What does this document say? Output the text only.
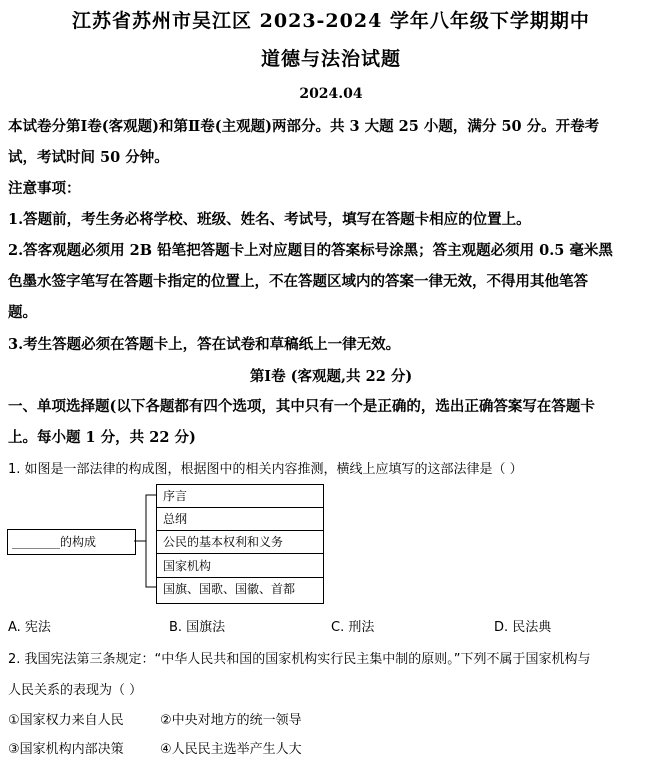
江苏省苏州市吴江区 2023-2024 学年八年级下学期期中
道德与法治试题
2024.04
本试卷分第Ⅰ卷(客观题)和第Ⅱ卷(主观题)两部分。共 3 大题 25 小题，满分 50 分。开卷考
试，考试时间 50 分钟。
注意事项：
1.答题前，考生务必将学校、班级、姓名、考试号，填写在答题卡相应的位置上。
2.答客观题必须用 2B 铅笔把答题卡上对应题目的答案标号涂黑；答主观题必须用 0.5 毫米黑
色墨水签字笔写在答题卡指定的位置上，不在答题区域内的答案一律无效，不得用其他笔答
题。
3.考生答题必须在答题卡上，答在试卷和草稿纸上一律无效。
第Ⅰ卷 (客观题,共 22 分)
一、单项选择题(以下各题都有四个选项，其中只有一个是正确的，选出正确答案写在答题卡
上。每小题 1 分，共 22 分)
1. 如图是一部法律的构成图，根据图中的相关内容推测，横线上应填写的这部法律是（ ）
________的构成
序言
总纲
公民的基本权利和义务
国家机构
国旗、国歌、国徽、首都
A. 宪法	B. 国旗法	C. 刑法	D. 民法典
2. 我国宪法第三条规定：“中华人民共和国的国家机构实行民主集中制的原则。”下列不属于国家机构与
人民关系的表现为（ ）
①国家权力来自人民	②中央对地方的统一领导
③国家机构内部决策	④人民民主选举产生人大
